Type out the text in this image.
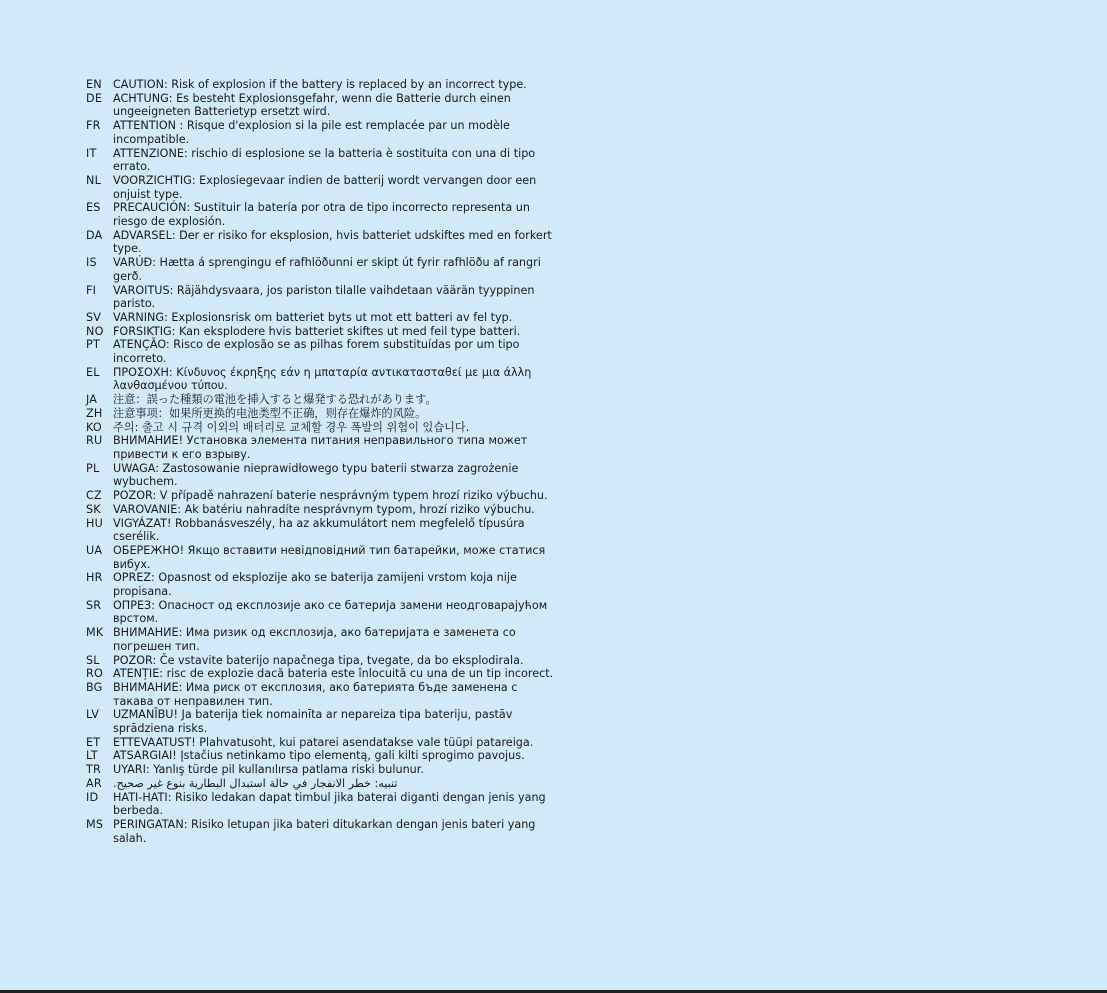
EN CAUTION: Risk of explosion if the battery is replaced by an incorrect type.
DE ACHTUNG: Es besteht Explosionsgefahr, wenn die Batterie durch einen ungeeigneten Batterietyp ersetzt wird.
FR	ATTENTION : Risque d'explosion si la pile est remplacée par un modèle incompatible.
IT	ATTENZIONE: rischio di esplosione se la batteria è sostituita con una di tipo errato.
NL	VOORZICHTIG: Explosiegevaar indien de batterij wordt vervangen door een onjuist type.
ES	PRECAUCIÓN: Sustituir la batería por otra de tipo incorrecto representa un riesgo de explosión.
DA ADVARSEL: Der er risiko for eksplosion, hvis batteriet udskiftes med en forkert type.
IS	VARÚÐ: Hætta á sprengingu ef rafhlöðunni er skipt út fyrir rafhlöðu af rangri gerð.
FI	VAROITUS: Räjähdysvaara, jos pariston tilalle vaihdetaan väärän tyyppinen paristo.
SV	VARNING: Explosionsrisk om batteriet byts ut mot ett batteri av fel typ.
NO FORSIKTIG: Kan eksplodere hvis batteriet skiftes ut med feil type batteri.
PT	ATENÇÃO: Risco de explosão se as pilhas forem substituídas por um tipo incorreto.
EL	ΠΡΟΣΟΧΗ: Κίνδυνος έκρηξης εάν η μπαταρία αντικατασταθεί με μια άλλη λανθασμένου τύπου.
JA	注意：誤った種類の電池を挿入すると爆発する恐れがあります。
ZH 注意事项：如果所更换的电池类型不正确，则存在爆炸的风险。
KO 주의: 출고 시 규격 이외의 배터리로 교체할 경우 폭발의 위험이 있습니다.
RU ВНИМАНИЕ! Установка элемента питания неправильного типа может привести к его взрыву.
PL	UWAGA: Zastosowanie nieprawidłowego typu baterii stwarza zagrożenie wybuchem.
CZ POZOR: V případě nahrazení baterie nesprávným typem hrozí riziko výbuchu.
SK	VAROVANIE: Ak batériu nahradíte nesprávnym typom, hrozí riziko výbuchu.
HU VIGYÁZAT! Robbanásveszély, ha az akkumulátort nem megfelelő típusúra cserélik.
UA ОБЕРЕЖНО! Якщо вставити невідповідний тип батарейки, може статися вибух.
HR OPREZ: Opasnost od eksplozije ako se baterija zamijeni vrstom koja nije propisana.
SR	ОПРЕЗ: Опасност од експлозије ако се батерија замени неодговарајућом врстом.
MK ВНИМАНИЕ: Има ризик од експлозија, ако батеријата е заменета со погрешен тип.
SL	POZOR: Če vstavite baterijo napačnega tipa, tvegate, da bo eksplodirala.
RO ATENȚIE: risc de explozie dacă bateria este înlocuită cu una de un tip incorect.
BG ВНИМАНИЕ: Има риск от експлозия, ако батерията бъде заменена с такава от неправилен тип.
LV	UZMANĪBU! Ja baterija tiek nomainīta ar nepareiza tipa bateriju, pastāv sprādziena risks.
ET	ETTEVAATUST! Plahvatusoht, kui patarei asendatakse vale tüüpi patareiga.
LT	ATSARGIAI! Įstačius netinkamo tipo elementą, gali kilti sprogimo pavojus.
TR	UYARI: Yanlış türde pil kullanılırsa patlama riski bulunur.
AR تنبيه: خطر الانفجار في حالة استبدال البطارية بنوع غير صحيح.
ID	HATI-HATI: Risiko ledakan dapat timbul jika baterai diganti dengan jenis yang berbeda.
MS PERINGATAN: Risiko letupan jika bateri ditukarkan dengan jenis bateri yang salah.
